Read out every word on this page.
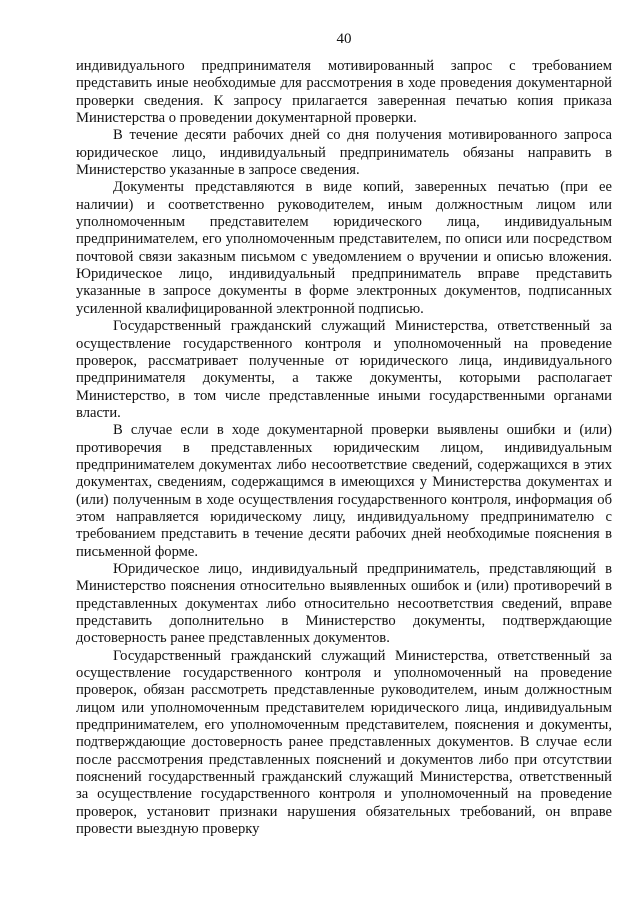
40

индивидуального предпринимателя мотивированный запрос с требованием представить иные необходимые для рассмотрения в ходе проведения документарной проверки сведения. К запросу прилагается заверенная печатью копия приказа Министерства о проведении документарной проверки.

В течение десяти рабочих дней со дня получения мотивированного запроса юридическое лицо, индивидуальный предприниматель обязаны направить в Министерство указанные в запросе сведения.

Документы представляются в виде копий, заверенных печатью (при ее наличии) и соответственно руководителем, иным должностным лицом или уполномоченным представителем юридического лица, индивидуальным предпринимателем, его уполномоченным представителем, по описи или посредством почтовой связи заказным письмом с уведомлением о вручении и описью вложения. Юридическое лицо, индивидуальный предприниматель вправе представить указанные в запросе документы в форме электронных документов, подписанных усиленной квалифицированной электронной подписью.

Государственный гражданский служащий Министерства, ответственный за осуществление государственного контроля и уполномоченный на проведение проверок, рассматривает полученные от юридического лица, индивидуального предпринимателя документы, а также документы, которыми располагает Министерство, в том числе представленные иными государственными органами власти.

В случае если в ходе документарной проверки выявлены ошибки и (или) противоречия в представленных юридическим лицом, индивидуальным предпринимателем документах либо несоответствие сведений, содержащихся в этих документах, сведениям, содержащимся в имеющихся у Министерства документах и (или) полученным в ходе осуществления государственного контроля, информация об этом направляется юридическому лицу, индивидуальному предпринимателю с требованием представить в течение десяти рабочих дней необходимые пояснения в письменной форме.

Юридическое лицо, индивидуальный предприниматель, представляющий в Министерство пояснения относительно выявленных ошибок и (или) противоречий в представленных документах либо относительно несоответствия сведений, вправе представить дополнительно в Министерство документы, подтверждающие достоверность ранее представленных документов.

Государственный гражданский служащий Министерства, ответственный за осуществление государственного контроля и уполномоченный на проведение проверок, обязан рассмотреть представленные руководителем, иным должностным лицом или уполномоченным представителем юридического лица, индивидуальным предпринимателем, его уполномоченным представителем, пояснения и документы, подтверждающие достоверность ранее представленных документов. В случае если после рассмотрения представленных пояснений и документов либо при отсутствии пояснений государственный гражданский служащий Министерства, ответственный за осуществление государственного контроля и уполномоченный на проведение проверок, установит признаки нарушения обязательных требований, он вправе провести выездную проверку
